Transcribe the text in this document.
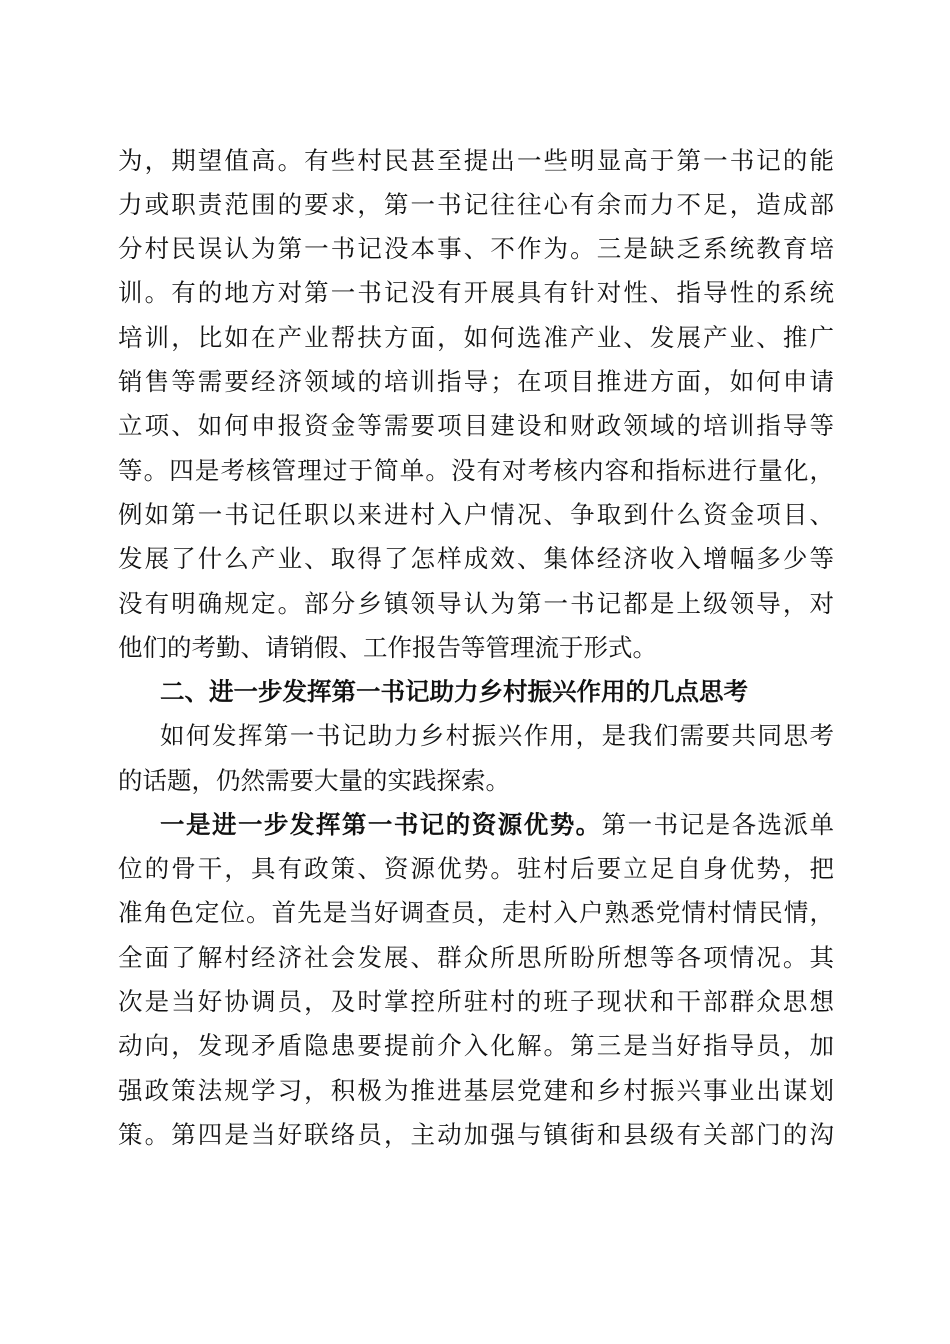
为，期望值高。有些村民甚至提出一些明显高于第一书记的能
力或职责范围的要求，第一书记往往心有余而力不足，造成部
分村民误认为第一书记没本事、不作为。三是缺乏系统教育培
训。有的地方对第一书记没有开展具有针对性、指导性的系统
培训，比如在产业帮扶方面，如何选准产业、发展产业、推广
销售等需要经济领域的培训指导；在项目推进方面，如何申请
立项、如何申报资金等需要项目建设和财政领域的培训指导等
等。四是考核管理过于简单。没有对考核内容和指标进行量化，
例如第一书记任职以来进村入户情况、争取到什么资金项目、
发展了什么产业、取得了怎样成效、集体经济收入增幅多少等
没有明确规定。部分乡镇领导认为第一书记都是上级领导，对
他们的考勤、请销假、工作报告等管理流于形式。
二、进一步发挥第一书记助力乡村振兴作用的几点思考
如何发挥第一书记助力乡村振兴作用，是我们需要共同思考
的话题，仍然需要大量的实践探索。
一是进一步发挥第一书记的资源优势。第一书记是各选派单
位的骨干，具有政策、资源优势。驻村后要立足自身优势，把
准角色定位。首先是当好调查员，走村入户熟悉党情村情民情，
全面了解村经济社会发展、群众所思所盼所想等各项情况。其
次是当好协调员，及时掌控所驻村的班子现状和干部群众思想
动向，发现矛盾隐患要提前介入化解。第三是当好指导员，加
强政策法规学习，积极为推进基层党建和乡村振兴事业出谋划
策。第四是当好联络员，主动加强与镇街和县级有关部门的沟
